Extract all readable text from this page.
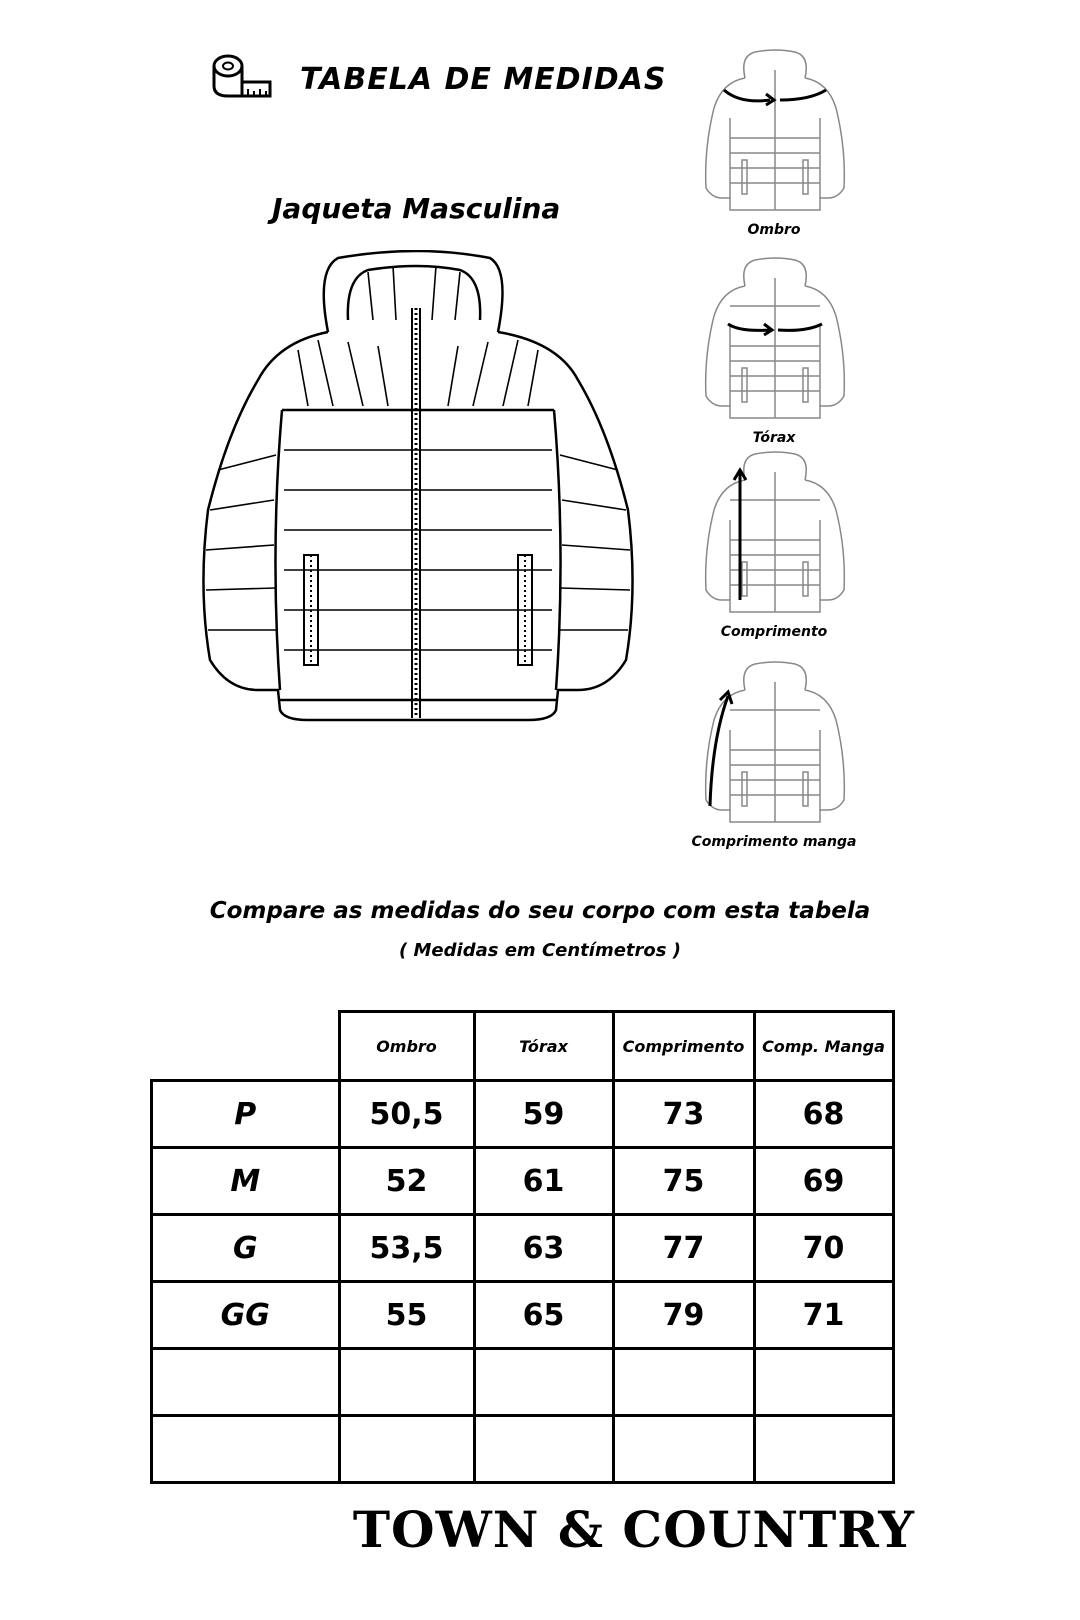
TABELA DE MEDIDAS
Jaqueta Masculina
Ombro
Tórax
Comprimento
Comprimento manga
Compare as medidas do seu corpo com esta tabela
( Medidas em Centímetros )
	Ombro	Tórax	Comprimento	Comp. Manga
P	50,5	59	73	68
M	52	61	75	69
G	53,5	63	77	70
GG	55	65	79	71

TOWN & COUNTRY
